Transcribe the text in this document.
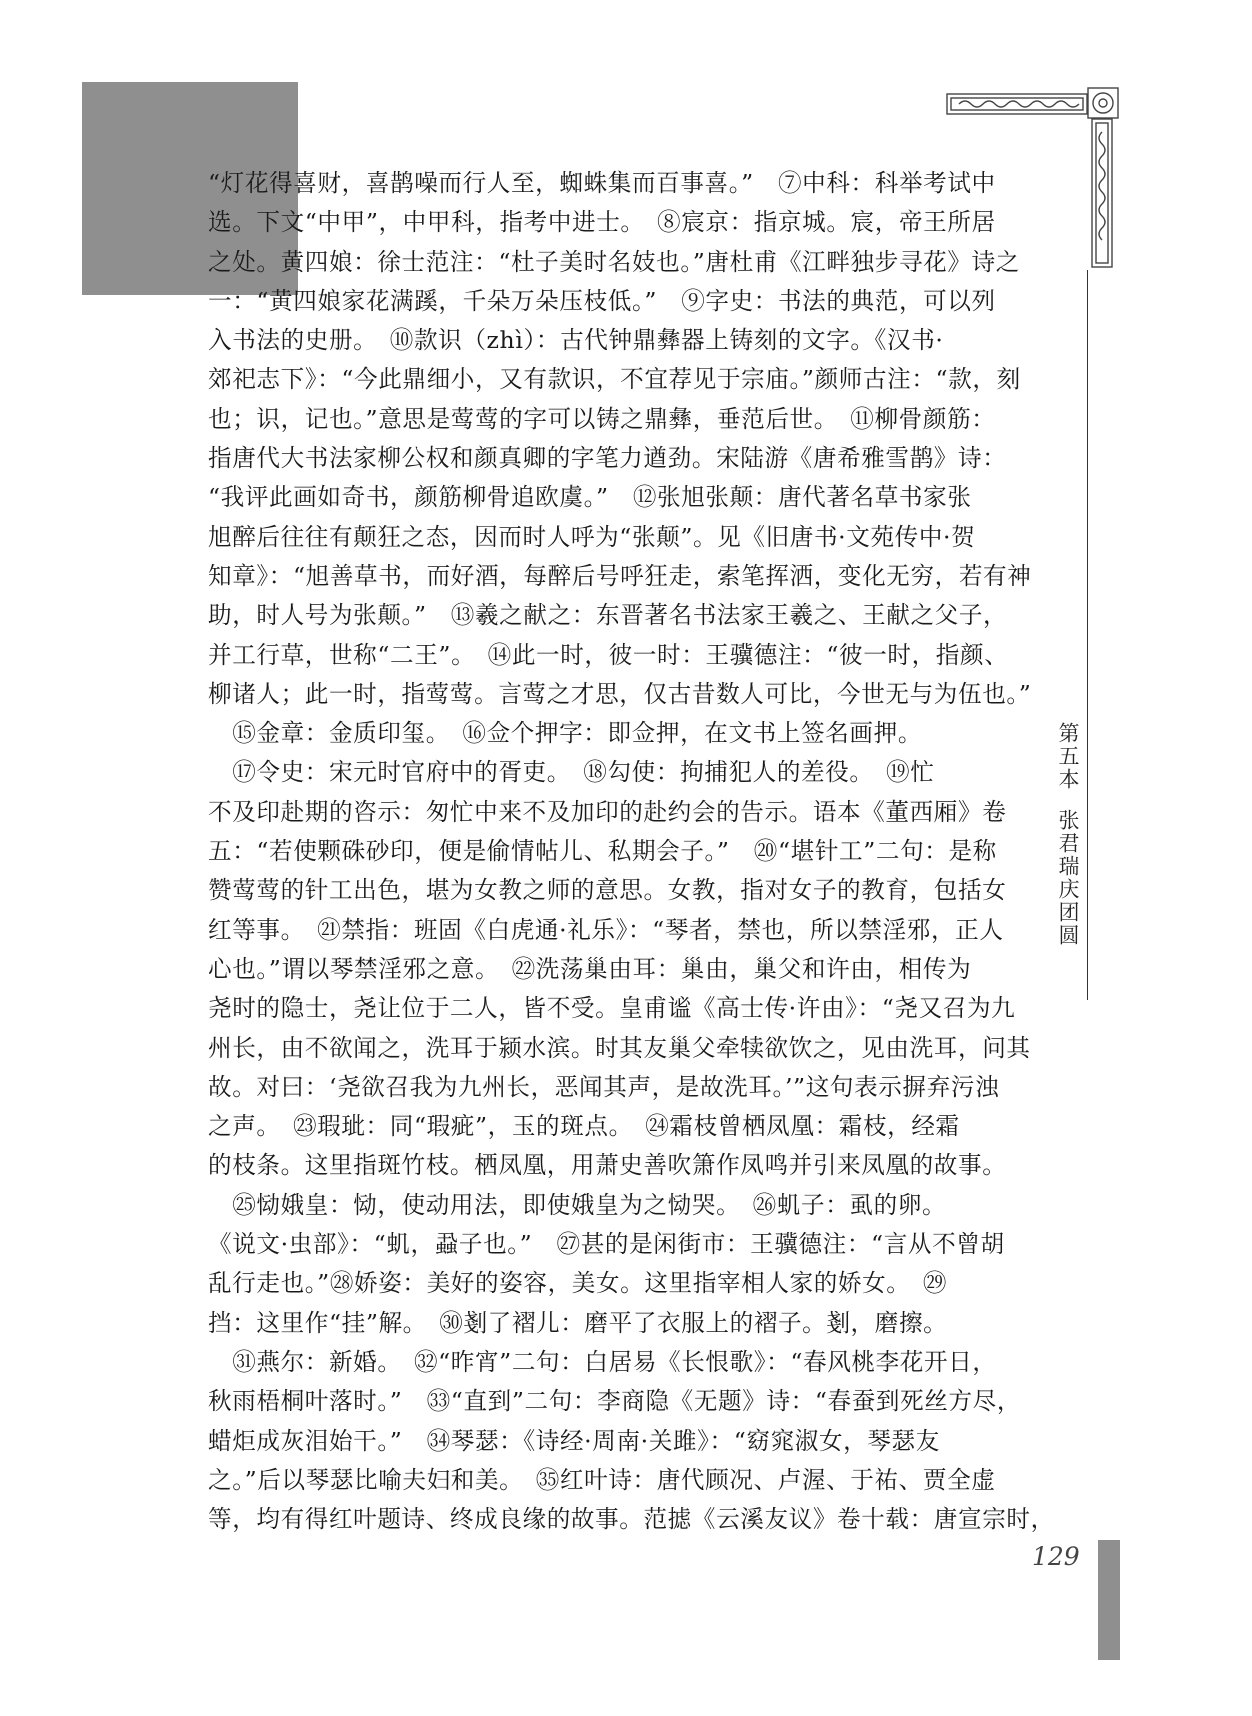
第五本
张君瑞庆团圆

“灯花得喜财，喜鹊噪而行人至，蜘蛛集而百事喜。”　⑦中科：科举考试中

选。下文“中甲”，中甲科，指考中进士。　⑧宸京：指京城。宸，帝王所居

之处。黄四娘：徐士范注：“杜子美时名妓也。”唐杜甫《江畔独步寻花》诗之

一：“黄四娘家花满蹊，千朵万朵压枝低。”　⑨字史：书法的典范，可以列

入书法的史册。　⑩款识（zhì）：古代钟鼎彝器上铸刻的文字。《汉书·

郊祀志下》：“今此鼎细小，又有款识，不宜荐见于宗庙。”颜师古注：“款，刻

也；识，记也。”意思是莺莺的字可以铸之鼎彝，垂范后世。　⑪柳骨颜筋：

指唐代大书法家柳公权和颜真卿的字笔力遒劲。宋陆游《唐希雅雪鹊》诗：

“我评此画如奇书，颜筋柳骨追欧虞。”　⑫张旭张颠：唐代著名草书家张

旭醉后往往有颠狂之态，因而时人呼为“张颠”。见《旧唐书·文苑传中·贺

知章》：“旭善草书，而好酒，每醉后号呼狂走，索笔挥洒，变化无穷，若有神

助，时人号为张颠。”　⑬羲之献之：东晋著名书法家王羲之、王献之父子，

并工行草，世称“二王”。　⑭此一时，彼一时：王骥德注：“彼一时，指颜、

柳诸人；此一时，指莺莺。言莺之才思，仅古昔数人可比，今世无与为伍也。”

　⑮金章：金质印玺。　⑯佥个押字：即佥押，在文书上签名画押。

　⑰令史：宋元时官府中的胥吏。　⑱勾使：拘捕犯人的差役。　⑲忙

不及印赴期的咨示：匆忙中来不及加印的赴约会的告示。语本《董西厢》卷

五：“若使颗硃砂印，便是偷情帖儿、私期会子。”　⑳“堪针工”二句：是称

赞莺莺的针工出色，堪为女教之师的意思。女教，指对女子的教育，包括女

红等事。　㉑禁指：班固《白虎通·礼乐》：“琴者，禁也，所以禁淫邪，正人

心也。”谓以琴禁淫邪之意。　㉒洗荡巢由耳：巢由，巢父和许由，相传为

尧时的隐士，尧让位于二人，皆不受。皇甫谧《高士传·许由》：“尧又召为九

州长，由不欲闻之，洗耳于颍水滨。时其友巢父牵犊欲饮之，见由洗耳，问其

故。对曰：‘尧欲召我为九州长，恶闻其声，是故洗耳。’”这句表示摒弃污浊

之声。　㉓瑕玼：同“瑕疵”，玉的斑点。　㉔霜枝曾栖凤凰：霜枝，经霜

的枝条。这里指斑竹枝。栖凤凰，用萧史善吹箫作凤鸣并引来凤凰的故事。

　㉕恸娥皇：恸，使动用法，即使娥皇为之恸哭。　㉖虮子：虱的卵。

《说文·虫部》：“虮，蝨子也。”　㉗甚的是闲街市：王骥德注：“言从不曾胡

乱行走也。”㉘娇姿：美好的姿容，美女。这里指宰相人家的娇女。　㉙

挡：这里作“挂”解。　㉚剗了褶儿：磨平了衣服上的褶子。剗，磨擦。

　㉛燕尔：新婚。　㉜“昨宵”二句：白居易《长恨歌》：“春风桃李花开日，

秋雨梧桐叶落时。”　㉝“直到”二句：李商隐《无题》诗：“春蚕到死丝方尽，

蜡炬成灰泪始干。”　㉞琴瑟：《诗经·周南·关雎》：“窈窕淑女，琴瑟友

之。”后以琴瑟比喻夫妇和美。　㉟红叶诗：唐代顾况、卢渥、于祐、贾全虚

等，均有得红叶题诗、终成良缘的故事。范摅《云溪友议》卷十载：唐宣宗时，

129
